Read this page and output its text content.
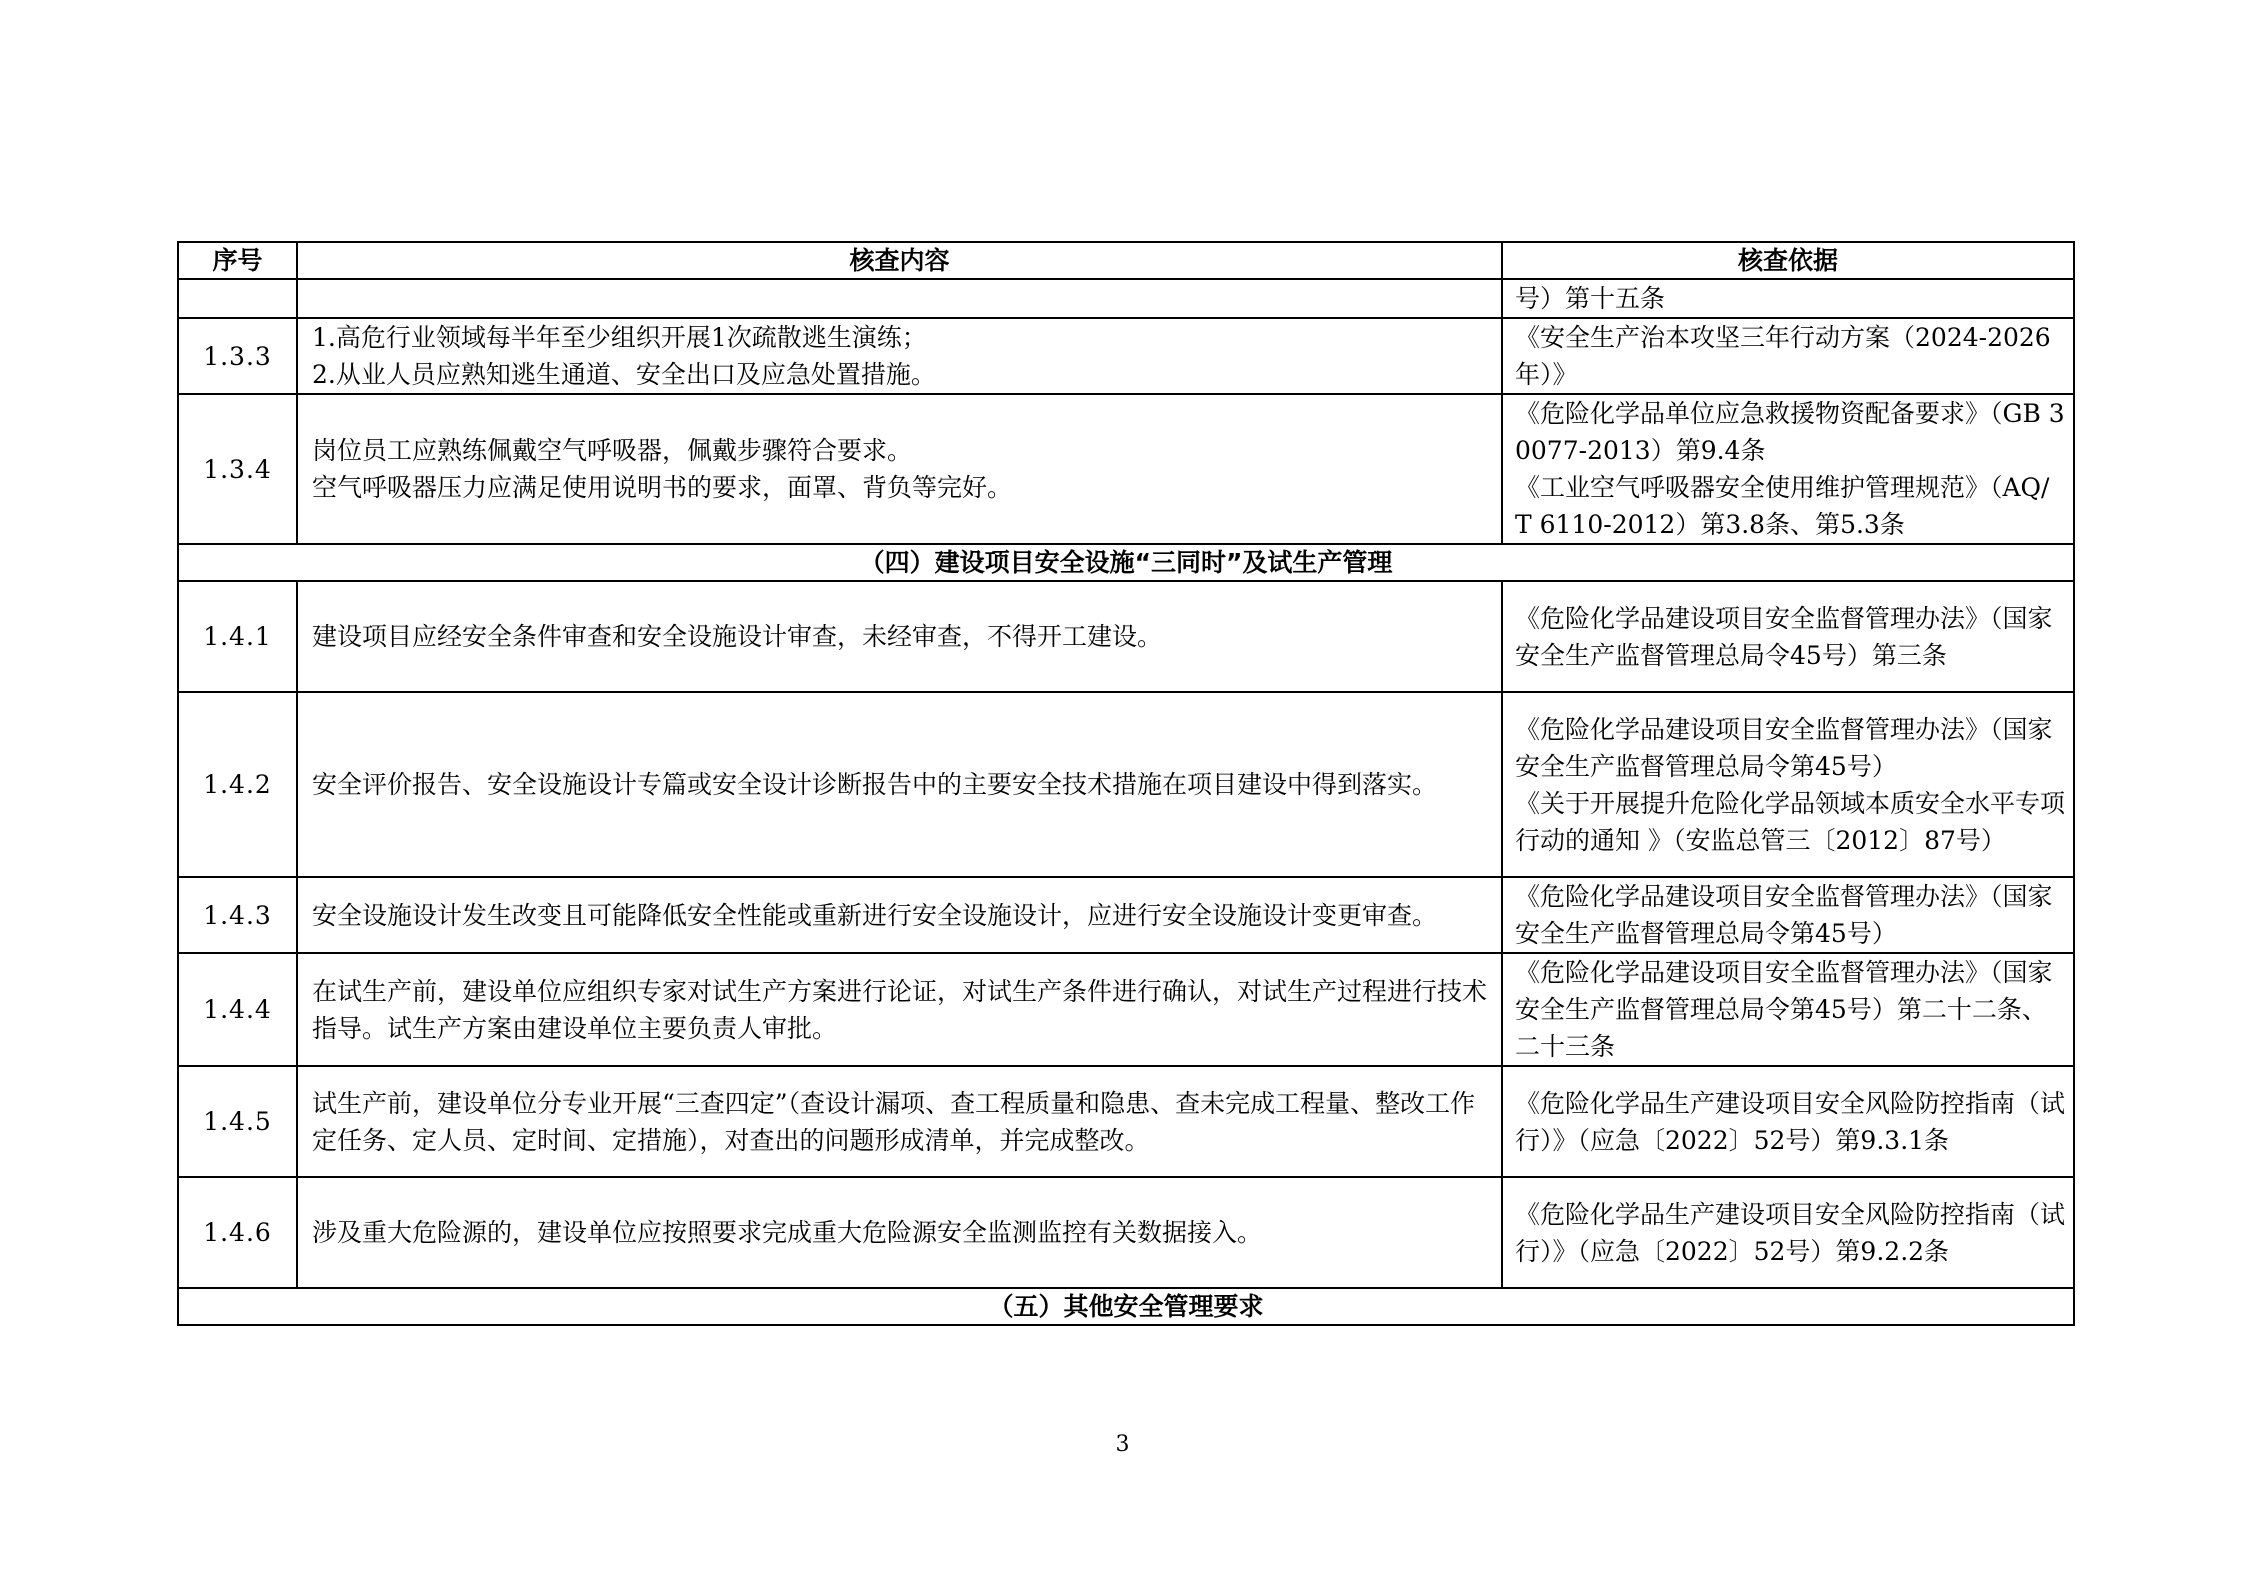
序号	核查内容	核查依据

		号）第十五条

1.3.3	1.高危行业领域每半年至少组织开展1次疏散逃生演练；
2.从业人员应熟知逃生通道、安全出口及应急处置措施。	《安全生产治本攻坚三年行动方案（2024-2026年）》

1.3.4	岗位员工应熟练佩戴空气呼吸器，佩戴步骤符合要求。
空气呼吸器压力应满足使用说明书的要求，面罩、背负等完好。	《危险化学品单位应急救援物资配备要求》（GB 30077-2013）第9.4条
《工业空气呼吸器安全使用维护管理规范》（AQ/T 6110-2012）第3.8条、第5.3条

（四）建设项目安全设施“三同时”及试生产管理		
1.4.1	建设项目应经安全条件审查和安全设施设计审查，未经审查，不得开工建设。	《危险化学品建设项目安全监督管理办法》（国家安全生产监督管理总局令45号）第三条

1.4.2	安全评价报告、安全设施设计专篇或安全设计诊断报告中的主要安全技术措施在项目建设中得到落实。	《危险化学品建设项目安全监督管理办法》（国家安全生产监督管理总局令第45号）
《关于开展提升危险化学品领域本质安全水平专项行动的通知 》（安监总管三〔2012〕87号）

1.4.3	安全设施设计发生改变且可能降低安全性能或重新进行安全设施设计，应进行安全设施设计变更审查。	《危险化学品建设项目安全监督管理办法》（国家安全生产监督管理总局令第45号）

1.4.4	在试生产前，建设单位应组织专家对试生产方案进行论证，对试生产条件进行确认，对试生产过程进行技术指导。试生产方案由建设单位主要负责人审批。	《危险化学品建设项目安全监督管理办法》（国家安全生产监督管理总局令第45号）第二十二条、二十三条

1.4.5	试生产前，建设单位分专业开展“三查四定”（查设计漏项、查工程质量和隐患、查未完成工程量、整改工作定任务、定人员、定时间、定措施），对查出的问题形成清单，并完成整改。	《危险化学品生产建设项目安全风险防控指南（试行）》（应急〔2022〕52号）第9.3.1条

1.4.6	涉及重大危险源的，建设单位应按照要求完成重大危险源安全监测监控有关数据接入。	《危险化学品生产建设项目安全风险防控指南（试行）》（应急〔2022〕52号）第9.2.2条

（五）其他安全管理要求		
3
